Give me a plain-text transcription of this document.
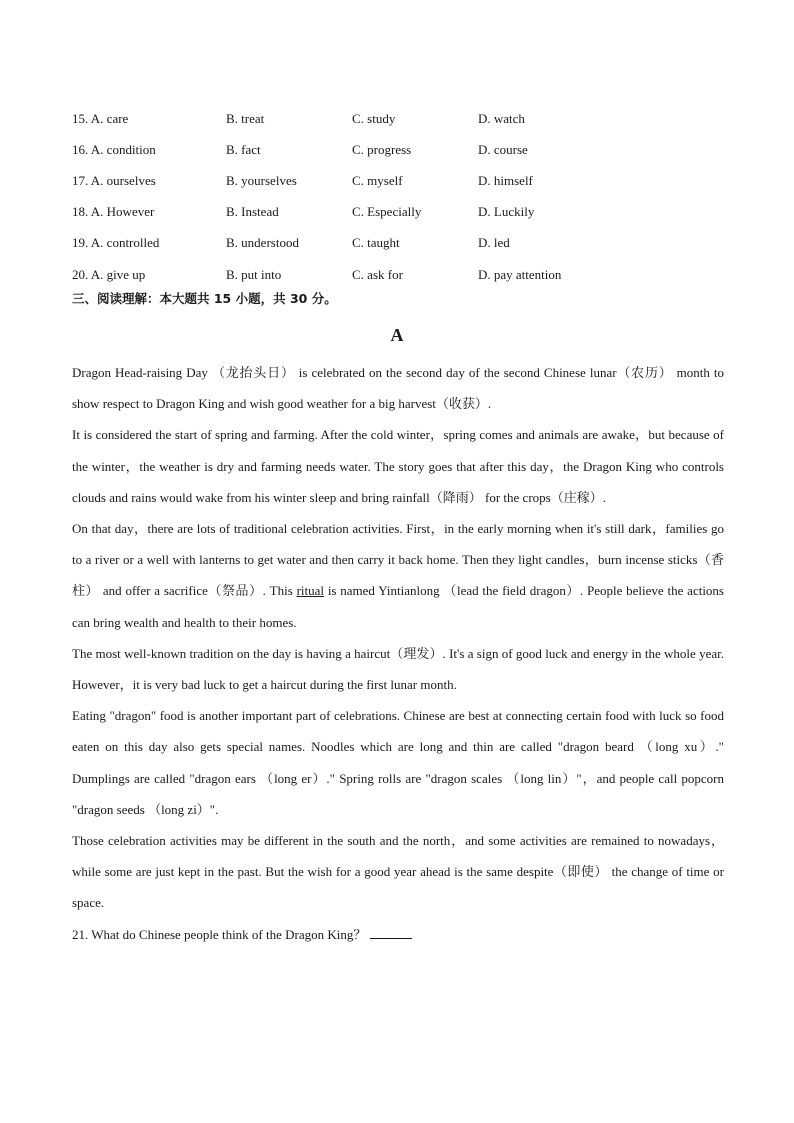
15. A. care	B. treat	C. study	D. watch
16. A. condition	B. fact	C. progress	D. course
17. A. ourselves	B. yourselves	C. myself	D. himself
18. A. However	B. Instead	C. Especially	D. Luckily
19. A. controlled	B. understood	C. taught	D. led
20. A. give up	B. put into	C. ask for	D. pay attention
三、阅读理解：本大题共 15 小题，共 30 分。
A

Dragon Head-raising Day （龙抬头日） is celebrated on the second day of the second Chinese lunar（农历） month to show respect to Dragon King and wish good weather for a big harvest（收获）.

It is considered the start of spring and farming. After the cold winter，spring comes and animals are awake，but because of the winter，the weather is dry and farming needs water. The story goes that after this day，the Dragon King who controls clouds and rains would wake from his winter sleep and bring rainfall（降雨） for the crops（庄稼）.

On that day，there are lots of traditional celebration activities. First，in the early morning when it's still dark，families go to a river or a well with lanterns to get water and then carry it back home. Then they light candles，burn incense sticks（香柱） and offer a sacrifice（祭品）. This ritual is named Yintianlong （lead the field dragon）. People believe the actions can bring wealth and health to their homes.

The most well-known tradition on the day is having a haircut（理发）. It's a sign of good luck and energy in the whole year. However，it is very bad luck to get a haircut during the first lunar month.

Eating "dragon" food is another important part of celebrations. Chinese are best at connecting certain food with luck so food eaten on this day also gets special names. Noodles which are long and thin are called "dragon beard （long xu）." Dumplings are called "dragon ears （long er）." Spring rolls are "dragon scales （long lin）"，and people call popcorn "dragon seeds （long zi）".

Those celebration activities may be different in the south and the north，and some activities are remained to nowadays，while some are just kept in the past. But the wish for a good year ahead is the same despite（即使） the change of time or space.

21. What do Chinese people think of the Dragon King？
